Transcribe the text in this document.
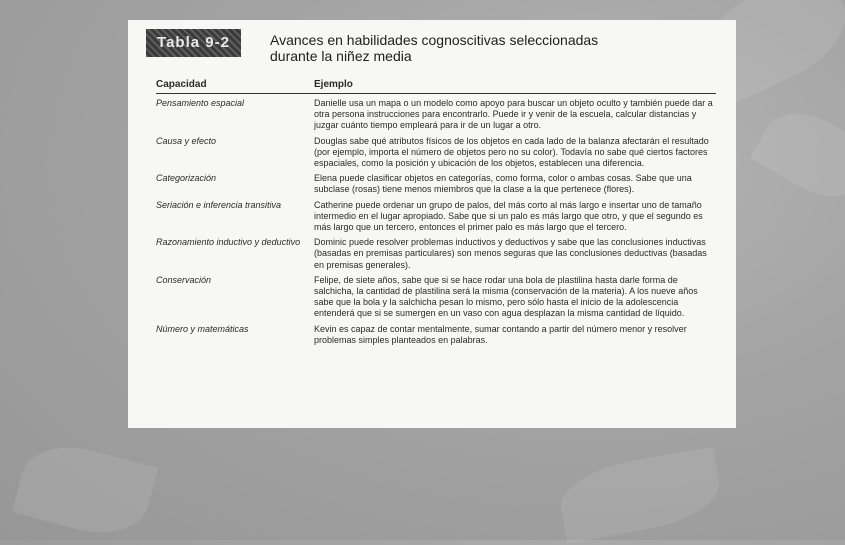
Tabla 9-2	Avances en habilidades cognoscitivas seleccionadas
durante la niñez media
Capacidad	Ejemplo
Pensamiento espacial	Danielle usa un mapa o un modelo como apoyo para buscar un objeto oculto y también puede dar a otra persona instrucciones para encontrarlo. Puede ir y venir de la escuela, calcular distancias y juzgar cuánto tiempo empleará para ir de un lugar a otro.
Causa y efecto	Douglas sabe qué atributos físicos de los objetos en cada lado de la balanza afectarán el resultado (por ejemplo, importa el número de objetos pero no su color). Todavía no sabe qué ciertos factores espaciales, como la posición y ubicación de los objetos, establecen una diferencia.
Categorización	Elena puede clasificar objetos en categorías, como forma, color o ambas cosas. Sabe que una subclase (rosas) tiene menos miembros que la clase a la que pertenece (flores).
Seriación e inferencia transitiva	Catherine puede ordenar un grupo de palos, del más corto al más largo e insertar uno de tamaño intermedio en el lugar apropiado. Sabe que si un palo es más largo que otro, y que el segundo es más largo que un tercero, entonces el primer palo es más largo que el tercero.
Razonamiento inductivo y deductivo	Dominic puede resolver problemas inductivos y deductivos y sabe que las conclusiones inductivas (basadas en premisas particulares) son menos seguras que las conclusiones deductivas (basadas en premisas generales).
Conservación	Felipe, de siete años, sabe que si se hace rodar una bola de plastilina hasta darle forma de salchicha, la cantidad de plastilina será la misma (conservación de la materia). A los nueve años sabe que la bola y la salchicha pesan lo mismo, pero sólo hasta el inicio de la adolescencia entenderá que si se sumergen en un vaso con agua desplazan la misma cantidad de líquido.
Número y matemáticas	Kevin es capaz de contar mentalmente, sumar contando a partir del número menor y resolver problemas simples planteados en palabras.
